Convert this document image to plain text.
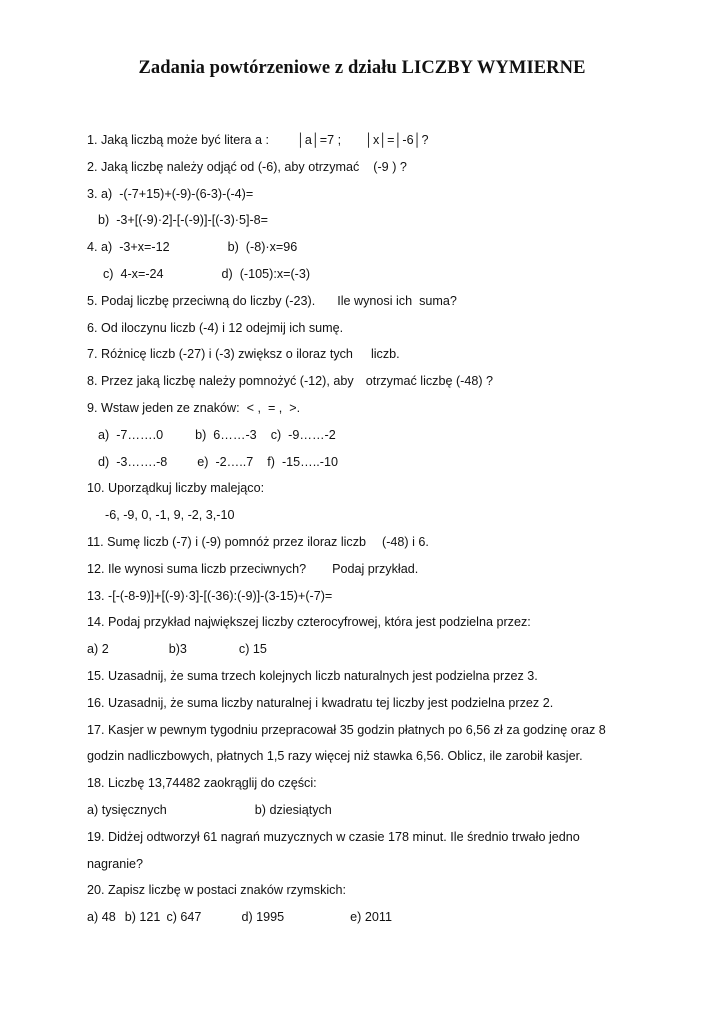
Zadania powtórzeniowe z działu LICZBY WYMIERNE
1. Jaką liczbą może być litera a : │a│=7 ; │x│=│-6│?
2. Jaką liczbę należy odjąć od (-6), aby otrzymać (-9 ) ?
3. a)  -(-7+15)+(-9)-(6-3)-(-4)=
b)  -3+[(-9)·2]-[-(-9)]-[(-3)·5]-8=
4. a)  -3+x=-12	b)  (-8)·x=96
c)  4-x=-24	d)  (-105):x=(-3)
5. Podaj liczbę przeciwną do liczby (-23). Ile wynosi ich  suma?
6. Od iloczynu liczb (-4) i 12 odejmij ich sumę.
7. Różnicę liczb (-27) i (-3) zwiększ o iloraz tych liczb.
8. Przez jaką liczbę należy pomnożyć (-12), aby otrzymać liczbę (-48) ?
9. Wstaw jeden ze znaków:  < ,  = ,  >.
a)  -7…….0	b)  6……-3 c)  -9……-2
d)  -3…….-8 e)  -2…..7 f)  -15…..-10
10. Uporządkuj liczby malejąco:
-6, -9, 0, -1, 9, -2, 3,-10
11. Sumę liczb (-7) i (-9) pomnóż przez iloraz liczb (-48) i 6.
12. Ile wynosi suma liczb przeciwnych? Podaj przykład.
13. -[-(-8-9)]+[(-9)·3]-[(-36):(-9)]-(3-15)+(-7)=
14. Podaj przykład największej liczby czterocyfrowej, która jest podzielna przez:
a) 2	b)3	c) 15
15. Uzasadnij, że suma trzech kolejnych liczb naturalnych jest podzielna przez 3.
16. Uzasadnij, że suma liczby naturalnej i kwadratu tej liczby jest podzielna przez 2.
17. Kasjer w pewnym tygodniu przepracował 35 godzin płatnych po 6,56 zł za godzinę oraz 8
godzin nadliczbowych, płatnych 1,5 razy więcej niż stawka 6,56. Oblicz, ile zarobił kasjer.
18. Liczbę 13,74482 zaokrąglij do części:
a) tysięcznych	b) dziesiątych
19. Didżej odtworzył 61 nagrań muzycznych w czasie 178 minut. Ile średnio trwało jedno
nagranie?
20. Zapisz liczbę w postaci znaków rzymskich:
a) 48 b) 121 c) 647	d) 1995	e) 2011
